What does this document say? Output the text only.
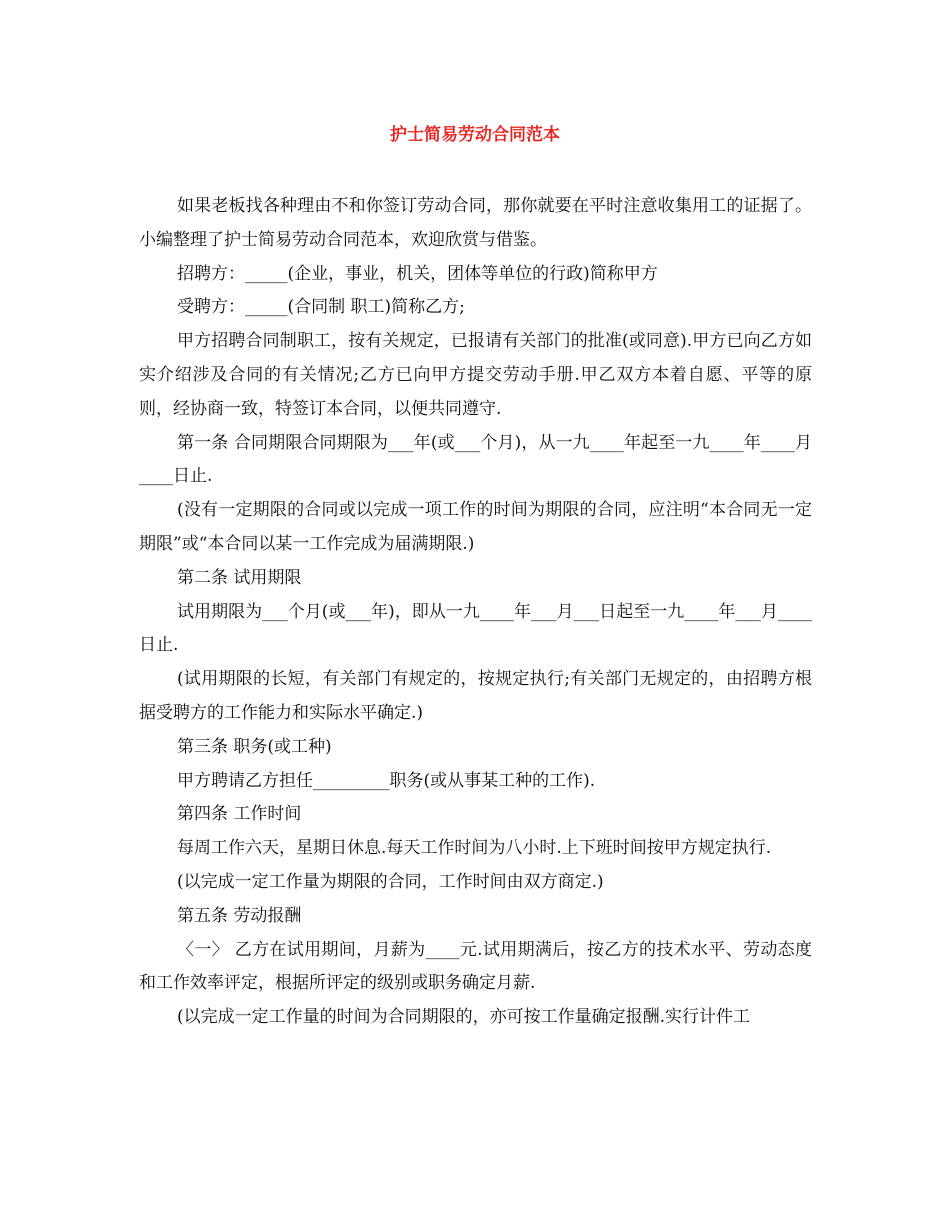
护士简易劳动合同范本

如果老板找各种理由不和你签订劳动合同，那你就要在平时注意收集用工的证据了。小编整理了护士简易劳动合同范本，欢迎欣赏与借鉴。

招聘方：_____(企业，事业，机关，团体等单位的行政)简称甲方

受聘方：_____(合同制 职工)简称乙方;

甲方招聘合同制职工，按有关规定，已报请有关部门的批准(或同意).甲方已向乙方如实介绍涉及合同的有关情况;乙方已向甲方提交劳动手册.甲乙双方本着自愿、平等的原则，经协商一致，特签订本合同，以便共同遵守.

第一条 合同期限合同期限为___年(或___个月)，从一九____年起至一九____年____月____日止.

(没有一定期限的合同或以完成一项工作的时间为期限的合同，应注明“本合同无一定期限”或“本合同以某一工作完成为届满期限.)

第二条 试用期限

试用期限为___个月(或___年)，即从一九____年___月___日起至一九____年___月____日止.

(试用期限的长短，有关部门有规定的，按规定执行;有关部门无规定的，由招聘方根据受聘方的工作能力和实际水平确定.)

第三条 职务(或工种)

甲方聘请乙方担任_________职务(或从事某工种的工作).

第四条 工作时间

每周工作六天，星期日休息.每天工作时间为八小时.上下班时间按甲方规定执行.

(以完成一定工作量为期限的合同，工作时间由双方商定.)

第五条 劳动报酬

〈一〉 乙方在试用期间，月薪为____元.试用期满后，按乙方的技术水平、劳动态度和工作效率评定，根据所评定的级别或职务确定月薪.

(以完成一定工作量的时间为合同期限的，亦可按工作量确定报酬.实行计件工
